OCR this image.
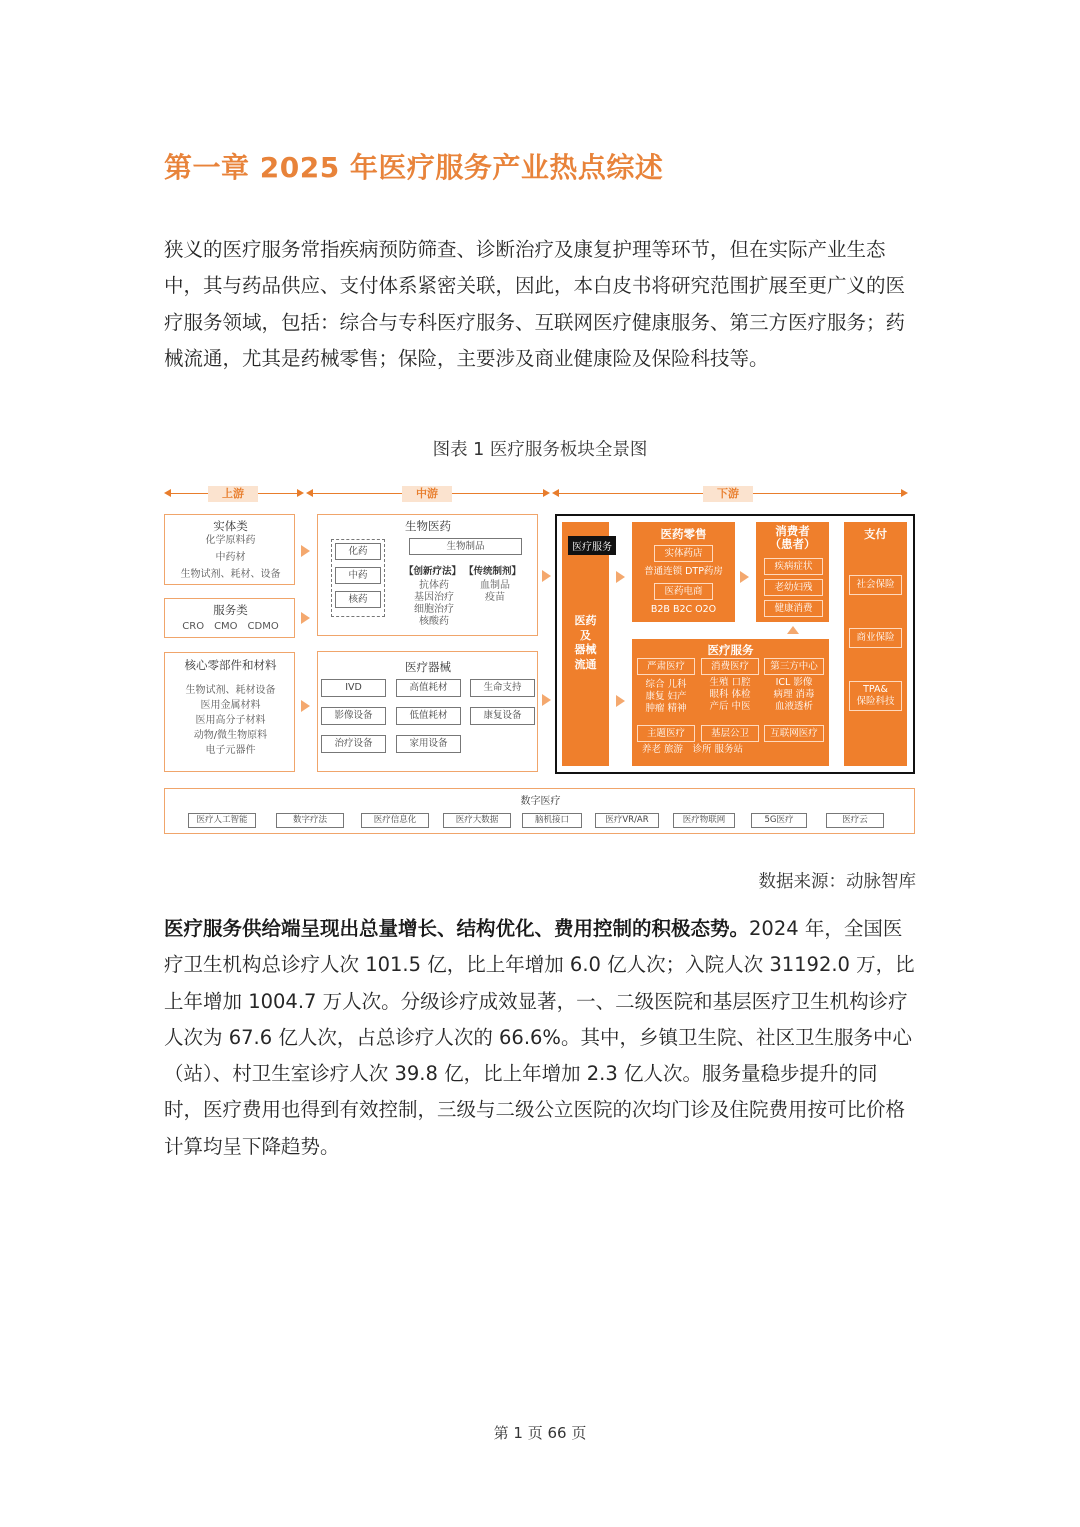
第一章 2025 年医疗服务产业热点综述

狭义的医疗服务常指疾病预防筛查、诊断治疗及康复护理等环节，但在实际产业生态中，其与药品供应、支付体系紧密关联，因此，本白皮书将研究范围扩展至更广义的医疗服务领域，包括：综合与专科医疗服务、互联网医疗健康服务、第三方医疗服务；药械流通，尤其是药械零售；保险，主要涉及商业健康险及保险科技等。

图表 1 医疗服务板块全景图
上游	中游	下游
实体类
化学原料药
中药材
生物试剂、耗材、设备
服务类
CRO　CMO　CDMO
核心零部件和材料
生物试剂、耗材设备
医用金属材料
医用高分子材料
动物/微生物原料
电子元器件
生物医药
化药
中药
核药
生物制品
【创新疗法】 【传统制剂】
抗体药
基因治疗
细胞治疗
核酸药
血制品
疫苗
医疗器械
IVD	高值耗材	生命支持
影像设备	低值耗材	康复设备
治疗设备	家用设备
医疗服务
医药
及
器械
流通
医药零售
实体药店
普通连锁 DTP药房
医药电商
B2B B2C O2O
消费者
（患者）
疾病症状
老幼妇残
健康消费
支付
社会保险
商业保险
TPA&
保险科技
医疗服务
严肃医疗	消费医疗	第三方中心
综合 儿科
康复 妇产
肿瘤 精神
生殖 口腔
眼科 体检
产后 中医
ICL 影像
病理 消毒
血液透析
主题医疗	基层公卫	互联网医疗
养老 旅游　诊所 服务站
数字医疗
医疗人工智能	数字疗法	医疗信息化	医疗大数据	脑机接口	医疗VR/AR	医疗物联网	5G医疗	医疗云
数据来源：动脉智库

医疗服务供给端呈现出总量增长、结构优化、费用控制的积极态势。2024 年，全国医疗卫生机构总诊疗人次 101.5 亿，比上年增加 6.0 亿人次；入院人次 31192.0 万，比上年增加 1004.7 万人次。分级诊疗成效显著，一、二级医院和基层医疗卫生机构诊疗人次为 67.6 亿人次，占总诊疗人次的 66.6%。其中，乡镇卫生院、社区卫生服务中心（站）、村卫生室诊疗人次 39.8 亿，比上年增加 2.3 亿人次。服务量稳步提升的同时，医疗费用也得到有效控制，三级与二级公立医院的次均门诊及住院费用按可比价格计算均呈下降趋势。

第 1 页 66 页
